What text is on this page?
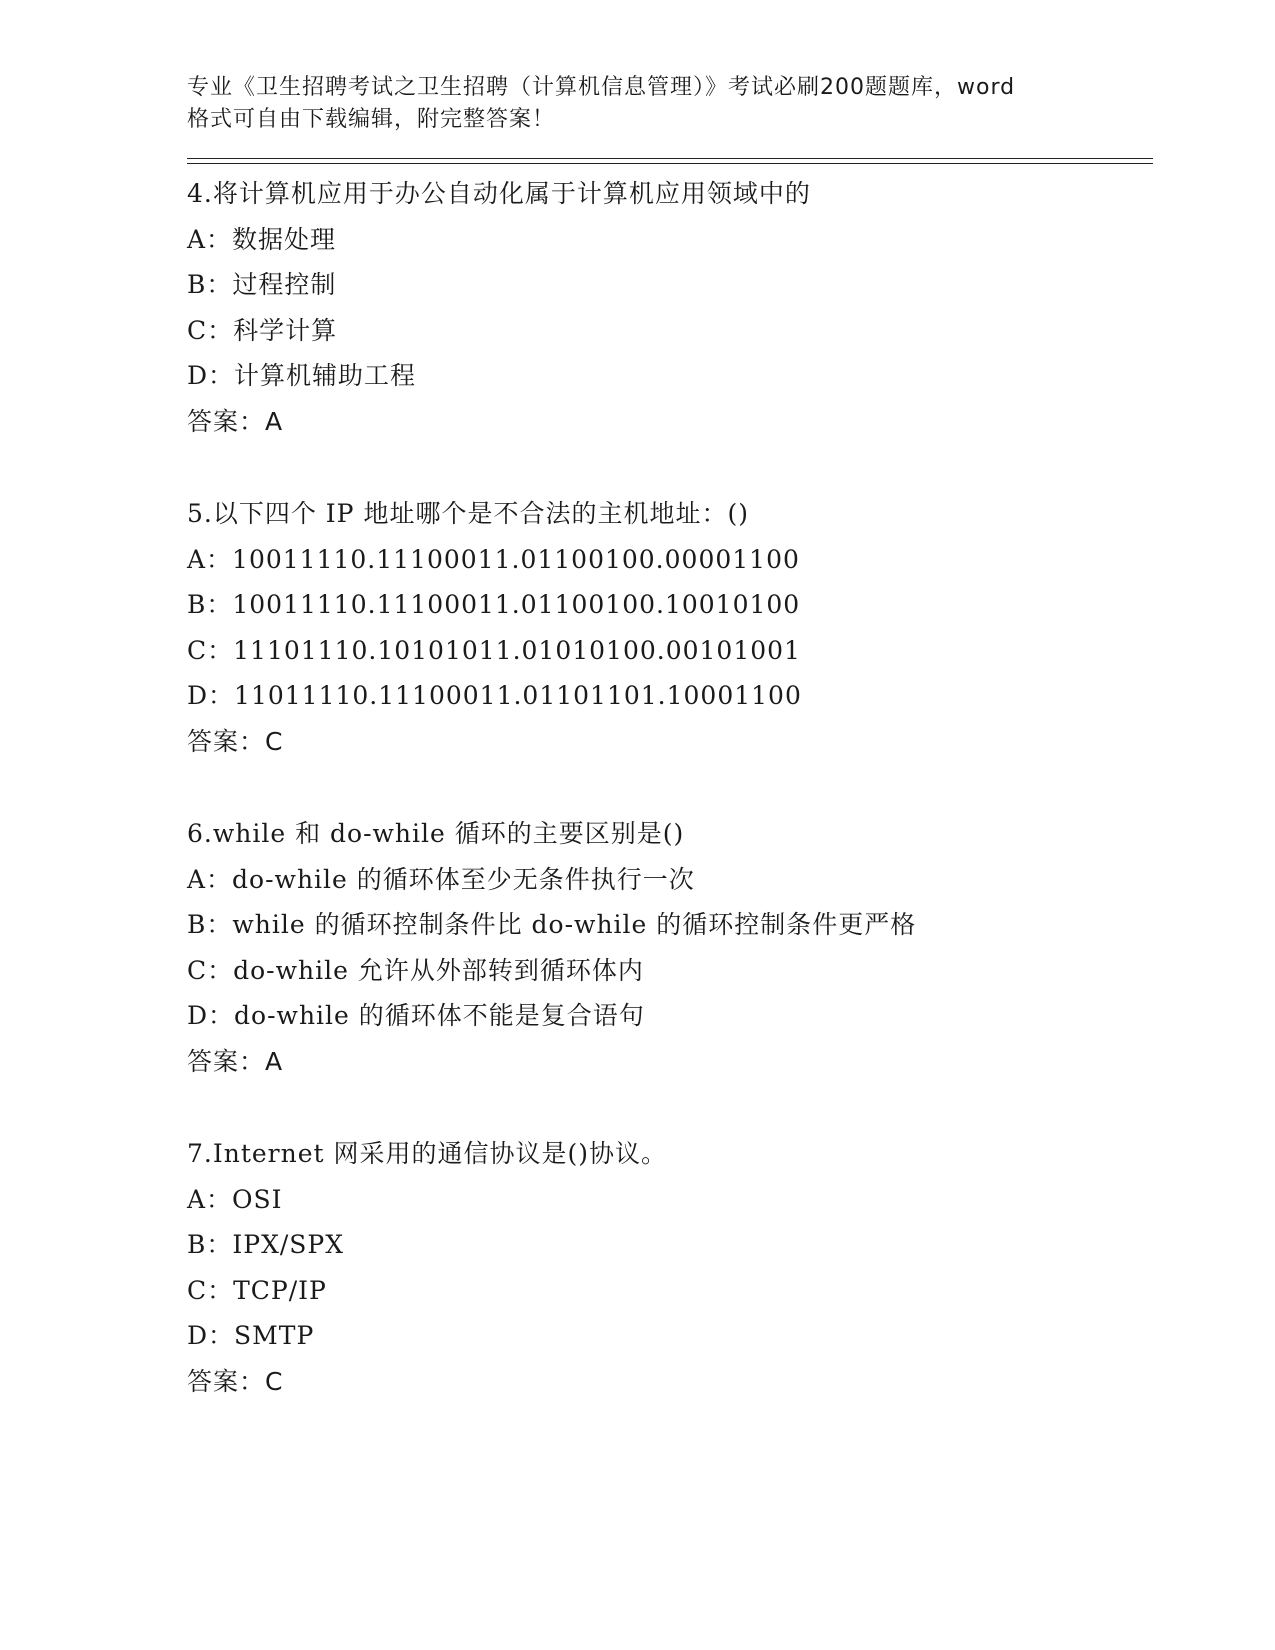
专业《卫生招聘考试之卫生招聘（计算机信息管理）》考试必刷200题题库，word
格式可自由下载编辑，附完整答案！
4.将计算机应用于办公自动化属于计算机应用领域中的
A：数据处理
B：过程控制
C：科学计算
D：计算机辅助工程
答案：A
5.以下四个 IP 地址哪个是不合法的主机地址：()
A：10011110.11100011.01100100.00001100
B：10011110.11100011.01100100.10010100
C：11101110.10101011.01010100.00101001
D：11011110.11100011.01101101.10001100
答案：C
6.while 和 do-while 循环的主要区别是()
A：do-while 的循环体至少无条件执行一次
B：while 的循环控制条件比 do-while 的循环控制条件更严格
C：do-while 允许从外部转到循环体内
D：do-while 的循环体不能是复合语句
答案：A
7.Internet 网采用的通信协议是()协议。
A：OSI
B：IPX/SPX
C：TCP/IP
D：SMTP
答案：C
